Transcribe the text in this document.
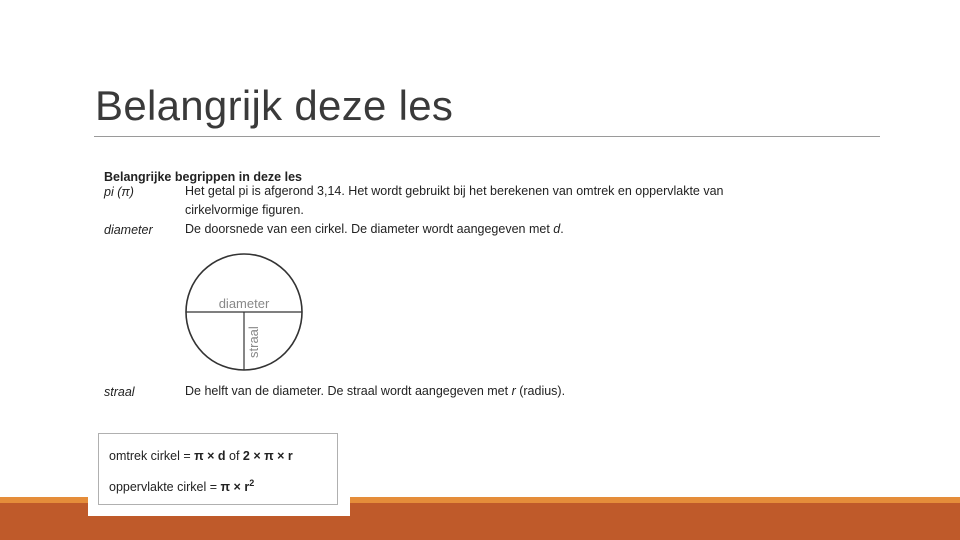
Belangrijk deze les
Belangrijke begrippen in deze les
pi (π)	Het getal pi is afgerond 3,14. Het wordt gebruikt bij het berekenen van omtrek en oppervlakte van
cirkelvormige figuren.
diameter	De doorsnede van een cirkel. De diameter wordt aangegeven met d.
diameter
straal
straal	De helft van de diameter. De straal wordt aangegeven met r (radius).
omtrek cirkel = π × d of 2 × π × r
oppervlakte cirkel = $\pi \times r^2$
